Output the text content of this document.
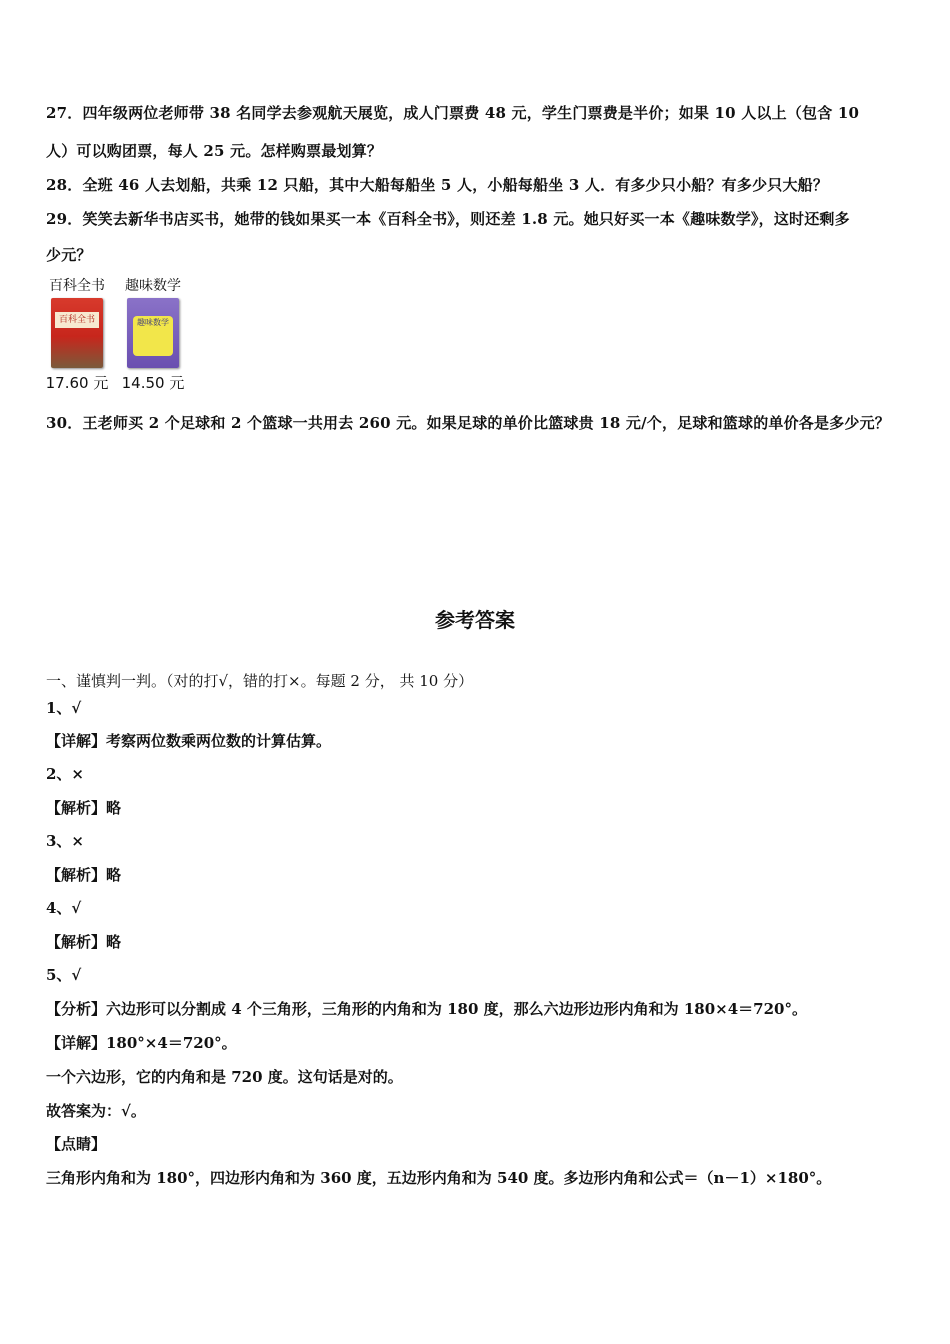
27．四年级两位老师带 38 名同学去参观航天展览，成人门票费 48 元，学生门票费是半价；如果 10 人以上（包含 10
人）可以购团票，每人 25 元。怎样购票最划算？
28．全班 46 人去划船，共乘 12 只船，其中大船每船坐 5 人，小船每船坐 3 人．有多少只小船？有多少只大船？
29．笑笑去新华书店买书，她带的钱如果买一本《百科全书》，则还差 1.8 元。她只好买一本《趣味数学》，这时还剩多
少元？
百科全书
百科全书
17.60 元
趣味数学
趣味数学
14.50 元
30．王老师买 2 个足球和 2 个篮球一共用去 260 元。如果足球的单价比篮球贵 18 元/个，足球和篮球的单价各是多少元？
参考答案
一、谨慎判一判。（对的打√，错的打×。每题 2 分， 共 10 分）
1、√
【详解】考察两位数乘两位数的计算估算。
2、×
【解析】略
3、×
【解析】略
4、√
【解析】略
5、√
【分析】六边形可以分割成 4 个三角形，三角形的内角和为 180 度，那么六边形边形内角和为 180×4＝720°。
【详解】180°×4＝720°。
一个六边形，它的内角和是 720 度。这句话是对的。
故答案为：√。
【点睛】
三角形内角和为 180°，四边形内角和为 360 度，五边形内角和为 540 度。多边形内角和公式＝（n－1）×180°。
